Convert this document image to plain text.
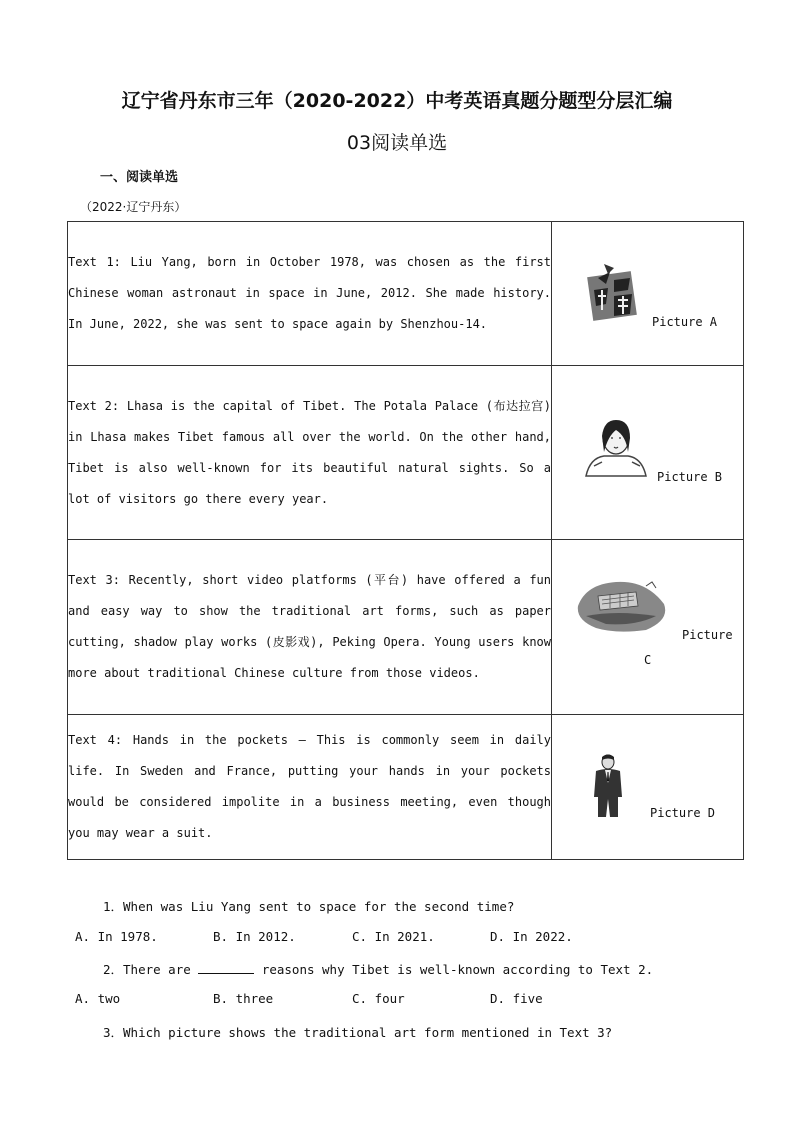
辽宁省丹东市三年（2020-2022）中考英语真题分题型分层汇编
03阅读单选
一、阅读单选
（2022·辽宁丹东）
Text 1: Liu Yang, born in October 1978, was chosen as the first Chinese woman astronaut in space in June, 2012. She made history. In June, 2022, she was sent to space again by Shenzhou-14.	Picture A

Text 2: Lhasa is the capital of Tibet. The Potala Palace (布达拉宫) in Lhasa makes Tibet famous all over the world. On the other hand, Tibet is also well-known for its beautiful natural sights. So a lot of visitors go there every year.	Picture B

Text 3: Recently, short video platforms (平台) have offered a fun and easy way to show the traditional art forms, such as paper cutting, shadow play works (皮影戏), Peking Opera. Young users know more about traditional Chinese culture from those videos.	Picture
C

Text 4: Hands in the pockets — This is commonly seem in daily life. In Sweden and France, putting your hands in your pockets would be considered impolite in a business meeting, even though you may wear a suit.	Picture D
1．When was Liu Yang sent to space for the second time?
A. In 1978.	B. In 2012.	C. In 2021.	D. In 2022.
2．There are	reasons why Tibet is well-known according to Text 2.
A. two	B. three	C. four	D. five
3．Which picture shows the traditional art form mentioned in Text 3?
